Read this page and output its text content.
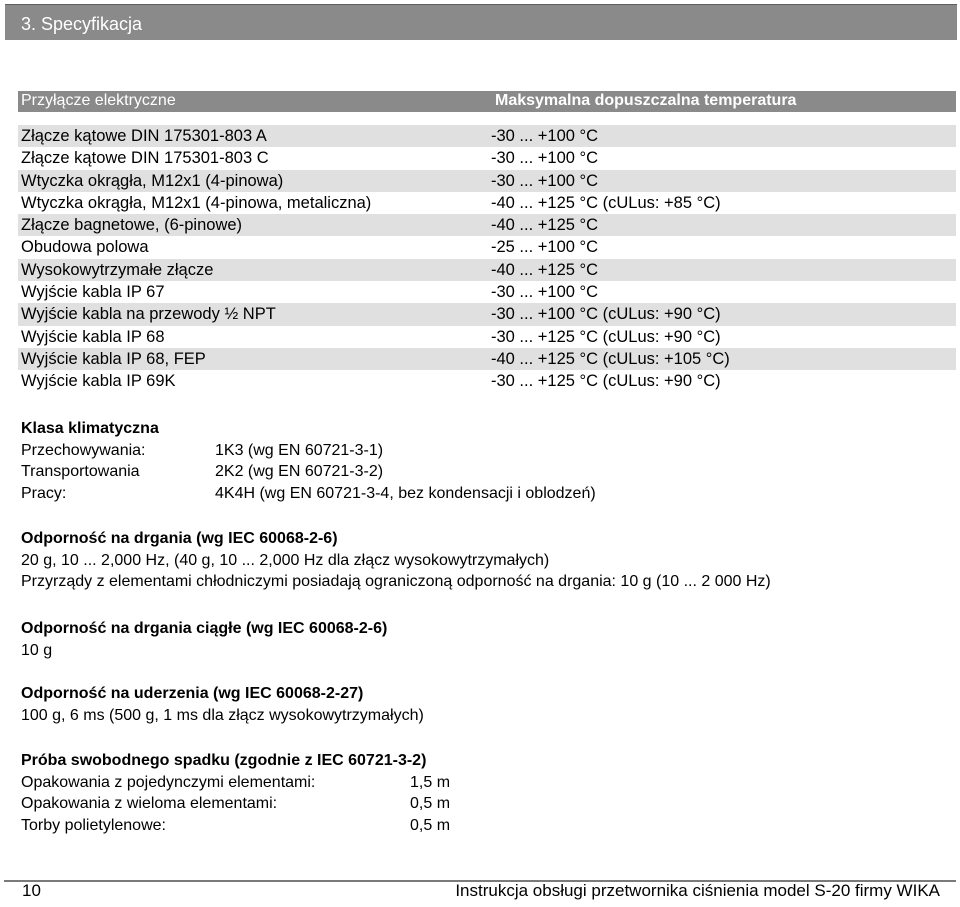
3. Specyfikacja
Przyłącze elektryczne	Maksymalna dopuszczalna temperatura
Złącze kątowe DIN 175301-803 A	-30 ... +100 °C
Złącze kątowe DIN 175301-803 C	-30 ... +100 °C
Wtyczka okrągła, M12x1 (4-pinowa)	-30 ... +100 °C
Wtyczka okrągła, M12x1 (4-pinowa, metaliczna)	-40 ... +125 °C (cULus: +85 °C)
Złącze bagnetowe, (6-pinowe)	-40 ... +125 °C
Obudowa polowa	-25 ... +100 °C
Wysokowytrzymałe złącze	-40 ... +125 °C
Wyjście kabla IP 67	-30 ... +100 °C
Wyjście kabla na przewody ½ NPT	-30 ... +100 °C (cULus: +90 °C)
Wyjście kabla IP 68	-30 ... +125 °C (cULus: +90 °C)
Wyjście kabla IP 68, FEP	-40 ... +125 °C (cULus: +105 °C)
Wyjście kabla IP 69K	-30 ... +125 °C (cULus: +90 °C)
Klasa klimatyczna
Przechowywania:	1K3 (wg EN 60721-3-1)
Transportowania	2K2 (wg EN 60721-3-2)
Pracy:	4K4H (wg EN 60721-3-4, bez kondensacji i oblodzeń)
Odporność na drgania (wg IEC 60068-2-6)
20 g, 10 ... 2,000 Hz, (40 g, 10 ... 2,000 Hz dla złącz wysokowytrzymałych)
Przyrządy z elementami chłodniczymi posiadają ograniczoną odporność na drgania: 10 g (10 ... 2 000 Hz)
Odporność na drgania ciągłe (wg IEC 60068-2-6)
10 g
Odporność na uderzenia (wg IEC 60068-2-27)
100 g, 6 ms (500 g, 1 ms dla złącz wysokowytrzymałych)
Próba swobodnego spadku (zgodnie z IEC 60721-3-2)
Opakowania z pojedynczymi elementami:	1,5 m
Opakowania z wieloma elementami:	0,5 m
Torby polietylenowe:	0,5 m
10	Instrukcja obsługi przetwornika ciśnienia model S-20 firmy WIKA
